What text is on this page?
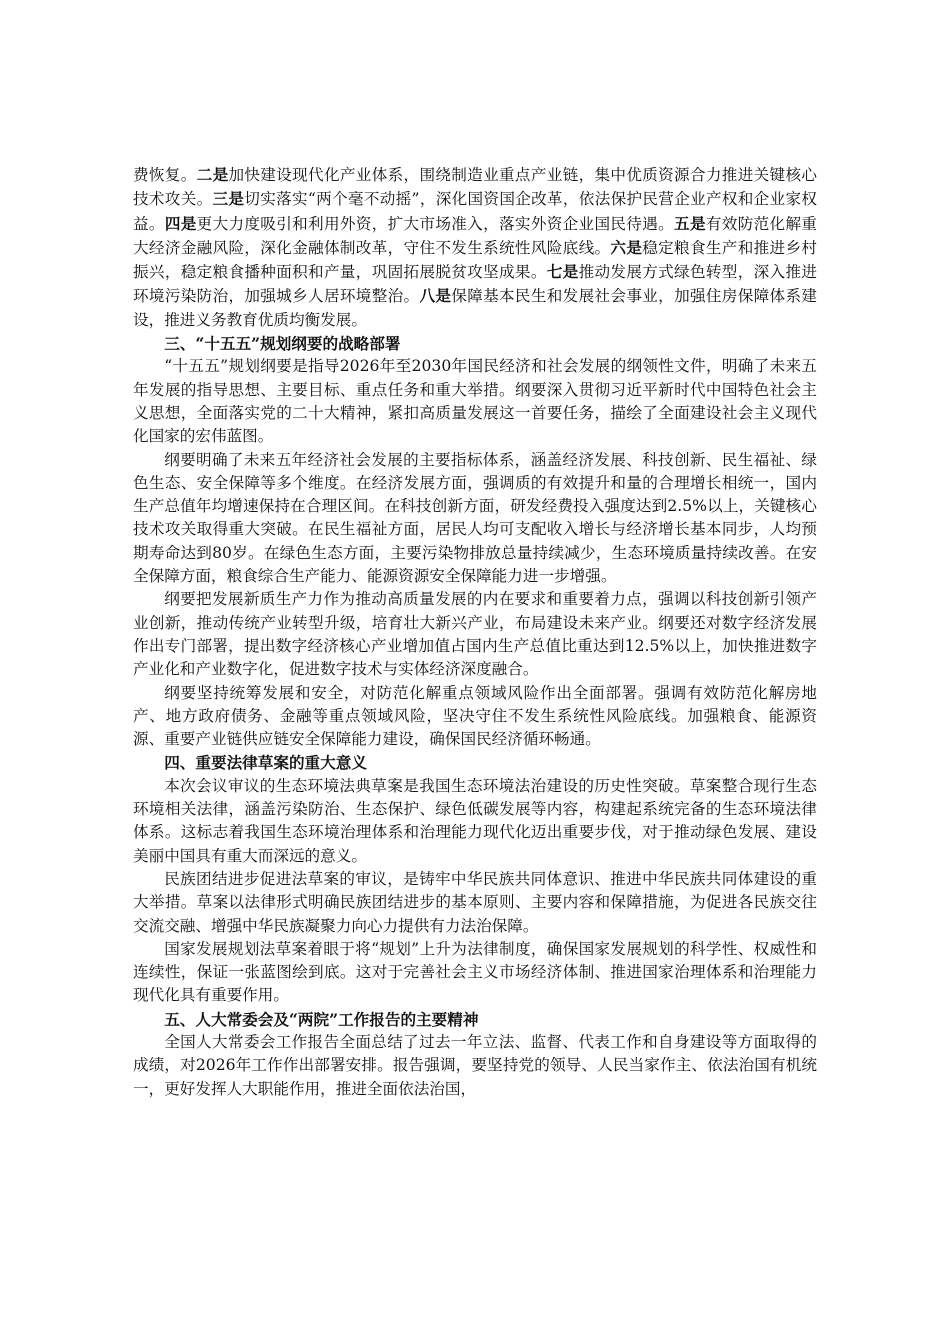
费恢复。二是加快建设现代化产业体系，围绕制造业重点产业链，集中优质资源合力推进关键核心技术攻关。三是切实落实“两个毫不动摇”，深化国资国企改革，依法保护民营企业产权和企业家权益。四是更大力度吸引和利用外资，扩大市场准入，落实外资企业国民待遇。五是有效防范化解重大经济金融风险，深化金融体制改革，守住不发生系统性风险底线。六是稳定粮食生产和推进乡村振兴，稳定粮食播种面积和产量，巩固拓展脱贫攻坚成果。七是推动发展方式绿色转型，深入推进环境污染防治，加强城乡人居环境整治。八是保障基本民生和发展社会事业，加强住房保障体系建设，推进义务教育优质均衡发展。

三、“十五五”规划纲要的战略部署

“十五五”规划纲要是指导2026年至2030年国民经济和社会发展的纲领性文件，明确了未来五年发展的指导思想、主要目标、重点任务和重大举措。纲要深入贯彻习近平新时代中国特色社会主义思想，全面落实党的二十大精神，紧扣高质量发展这一首要任务，描绘了全面建设社会主义现代化国家的宏伟蓝图。

纲要明确了未来五年经济社会发展的主要指标体系，涵盖经济发展、科技创新、民生福祉、绿色生态、安全保障等多个维度。在经济发展方面，强调质的有效提升和量的合理增长相统一，国内生产总值年均增速保持在合理区间。在科技创新方面，研发经费投入强度达到2.5%以上，关键核心技术攻关取得重大突破。在民生福祉方面，居民人均可支配收入增长与经济增长基本同步，人均预期寿命达到80岁。在绿色生态方面，主要污染物排放总量持续减少，生态环境质量持续改善。在安全保障方面，粮食综合生产能力、能源资源安全保障能力进一步增强。

纲要把发展新质生产力作为推动高质量发展的内在要求和重要着力点，强调以科技创新引领产业创新，推动传统产业转型升级，培育壮大新兴产业，布局建设未来产业。纲要还对数字经济发展作出专门部署，提出数字经济核心产业增加值占国内生产总值比重达到12.5%以上，加快推进数字产业化和产业数字化，促进数字技术与实体经济深度融合。

纲要坚持统筹发展和安全，对防范化解重点领域风险作出全面部署。强调有效防范化解房地产、地方政府债务、金融等重点领域风险，坚决守住不发生系统性风险底线。加强粮食、能源资源、重要产业链供应链安全保障能力建设，确保国民经济循环畅通。

四、重要法律草案的重大意义

本次会议审议的生态环境法典草案是我国生态环境法治建设的历史性突破。草案整合现行生态环境相关法律，涵盖污染防治、生态保护、绿色低碳发展等内容，构建起系统完备的生态环境法律体系。这标志着我国生态环境治理体系和治理能力现代化迈出重要步伐，对于推动绿色发展、建设美丽中国具有重大而深远的意义。

民族团结进步促进法草案的审议，是铸牢中华民族共同体意识、推进中华民族共同体建设的重大举措。草案以法律形式明确民族团结进步的基本原则、主要内容和保障措施，为促进各民族交往交流交融、增强中华民族凝聚力向心力提供有力法治保障。

国家发展规划法草案着眼于将“规划”上升为法律制度，确保国家发展规划的科学性、权威性和连续性，保证一张蓝图绘到底。这对于完善社会主义市场经济体制、推进国家治理体系和治理能力现代化具有重要作用。

五、人大常委会及“两院”工作报告的主要精神

全国人大常委会工作报告全面总结了过去一年立法、监督、代表工作和自身建设等方面取得的成绩，对2026年工作作出部署安排。报告强调，要坚持党的领导、人民当家作主、依法治国有机统一，更好发挥人大职能作用，推进全面依法治国，
